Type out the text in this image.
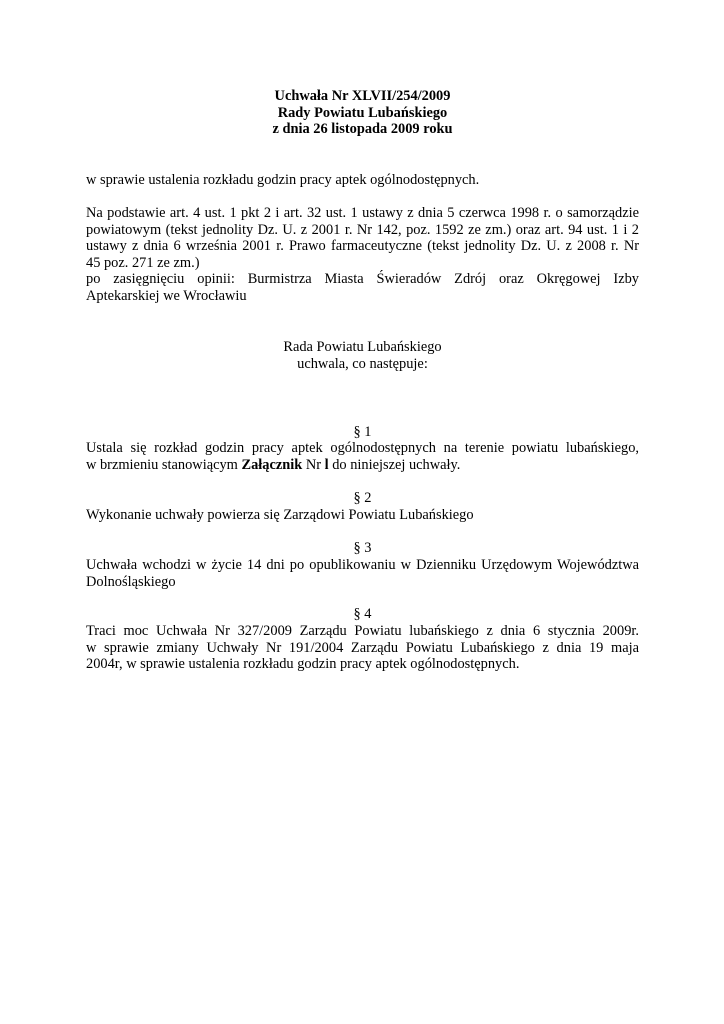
Uchwała Nr XLVII/254/2009
Rady Powiatu Lubańskiego
z dnia 26 listopada 2009 roku
w sprawie ustalenia rozkładu godzin pracy aptek ogólnodostępnych.
Na podstawie art. 4 ust. 1 pkt 2 i art. 32 ust. 1 ustawy z dnia 5 czerwca 1998 r. o samorządzie
powiatowym (tekst jednolity Dz. U. z 2001 r. Nr 142, poz. 1592 ze zm.) oraz art. 94 ust. 1 i 2
ustawy z dnia 6 września 2001 r. Prawo farmaceutyczne (tekst jednolity Dz. U. z 2008 r. Nr
45 poz. 271 ze zm.)
po zasięgnięciu opinii: Burmistrza Miasta Świeradów Zdrój oraz Okręgowej Izby
Aptekarskiej we Wrocławiu
Rada Powiatu Lubańskiego
uchwala, co następuje:
§ 1
Ustala się rozkład godzin pracy aptek ogólnodostępnych na terenie powiatu lubańskiego,
w brzmieniu stanowiącym Załącznik Nr l do niniejszej uchwały.
§ 2
Wykonanie uchwały powierza się Zarządowi Powiatu Lubańskiego
§ 3
Uchwała wchodzi w życie 14 dni po opublikowaniu w Dzienniku Urzędowym Województwa
Dolnośląskiego
§ 4
Traci moc Uchwała Nr 327/2009 Zarządu Powiatu lubańskiego z dnia 6 stycznia 2009r.
w sprawie zmiany Uchwały Nr 191/2004 Zarządu Powiatu Lubańskiego z dnia 19 maja
2004r, w sprawie ustalenia rozkładu godzin pracy aptek ogólnodostępnych.
